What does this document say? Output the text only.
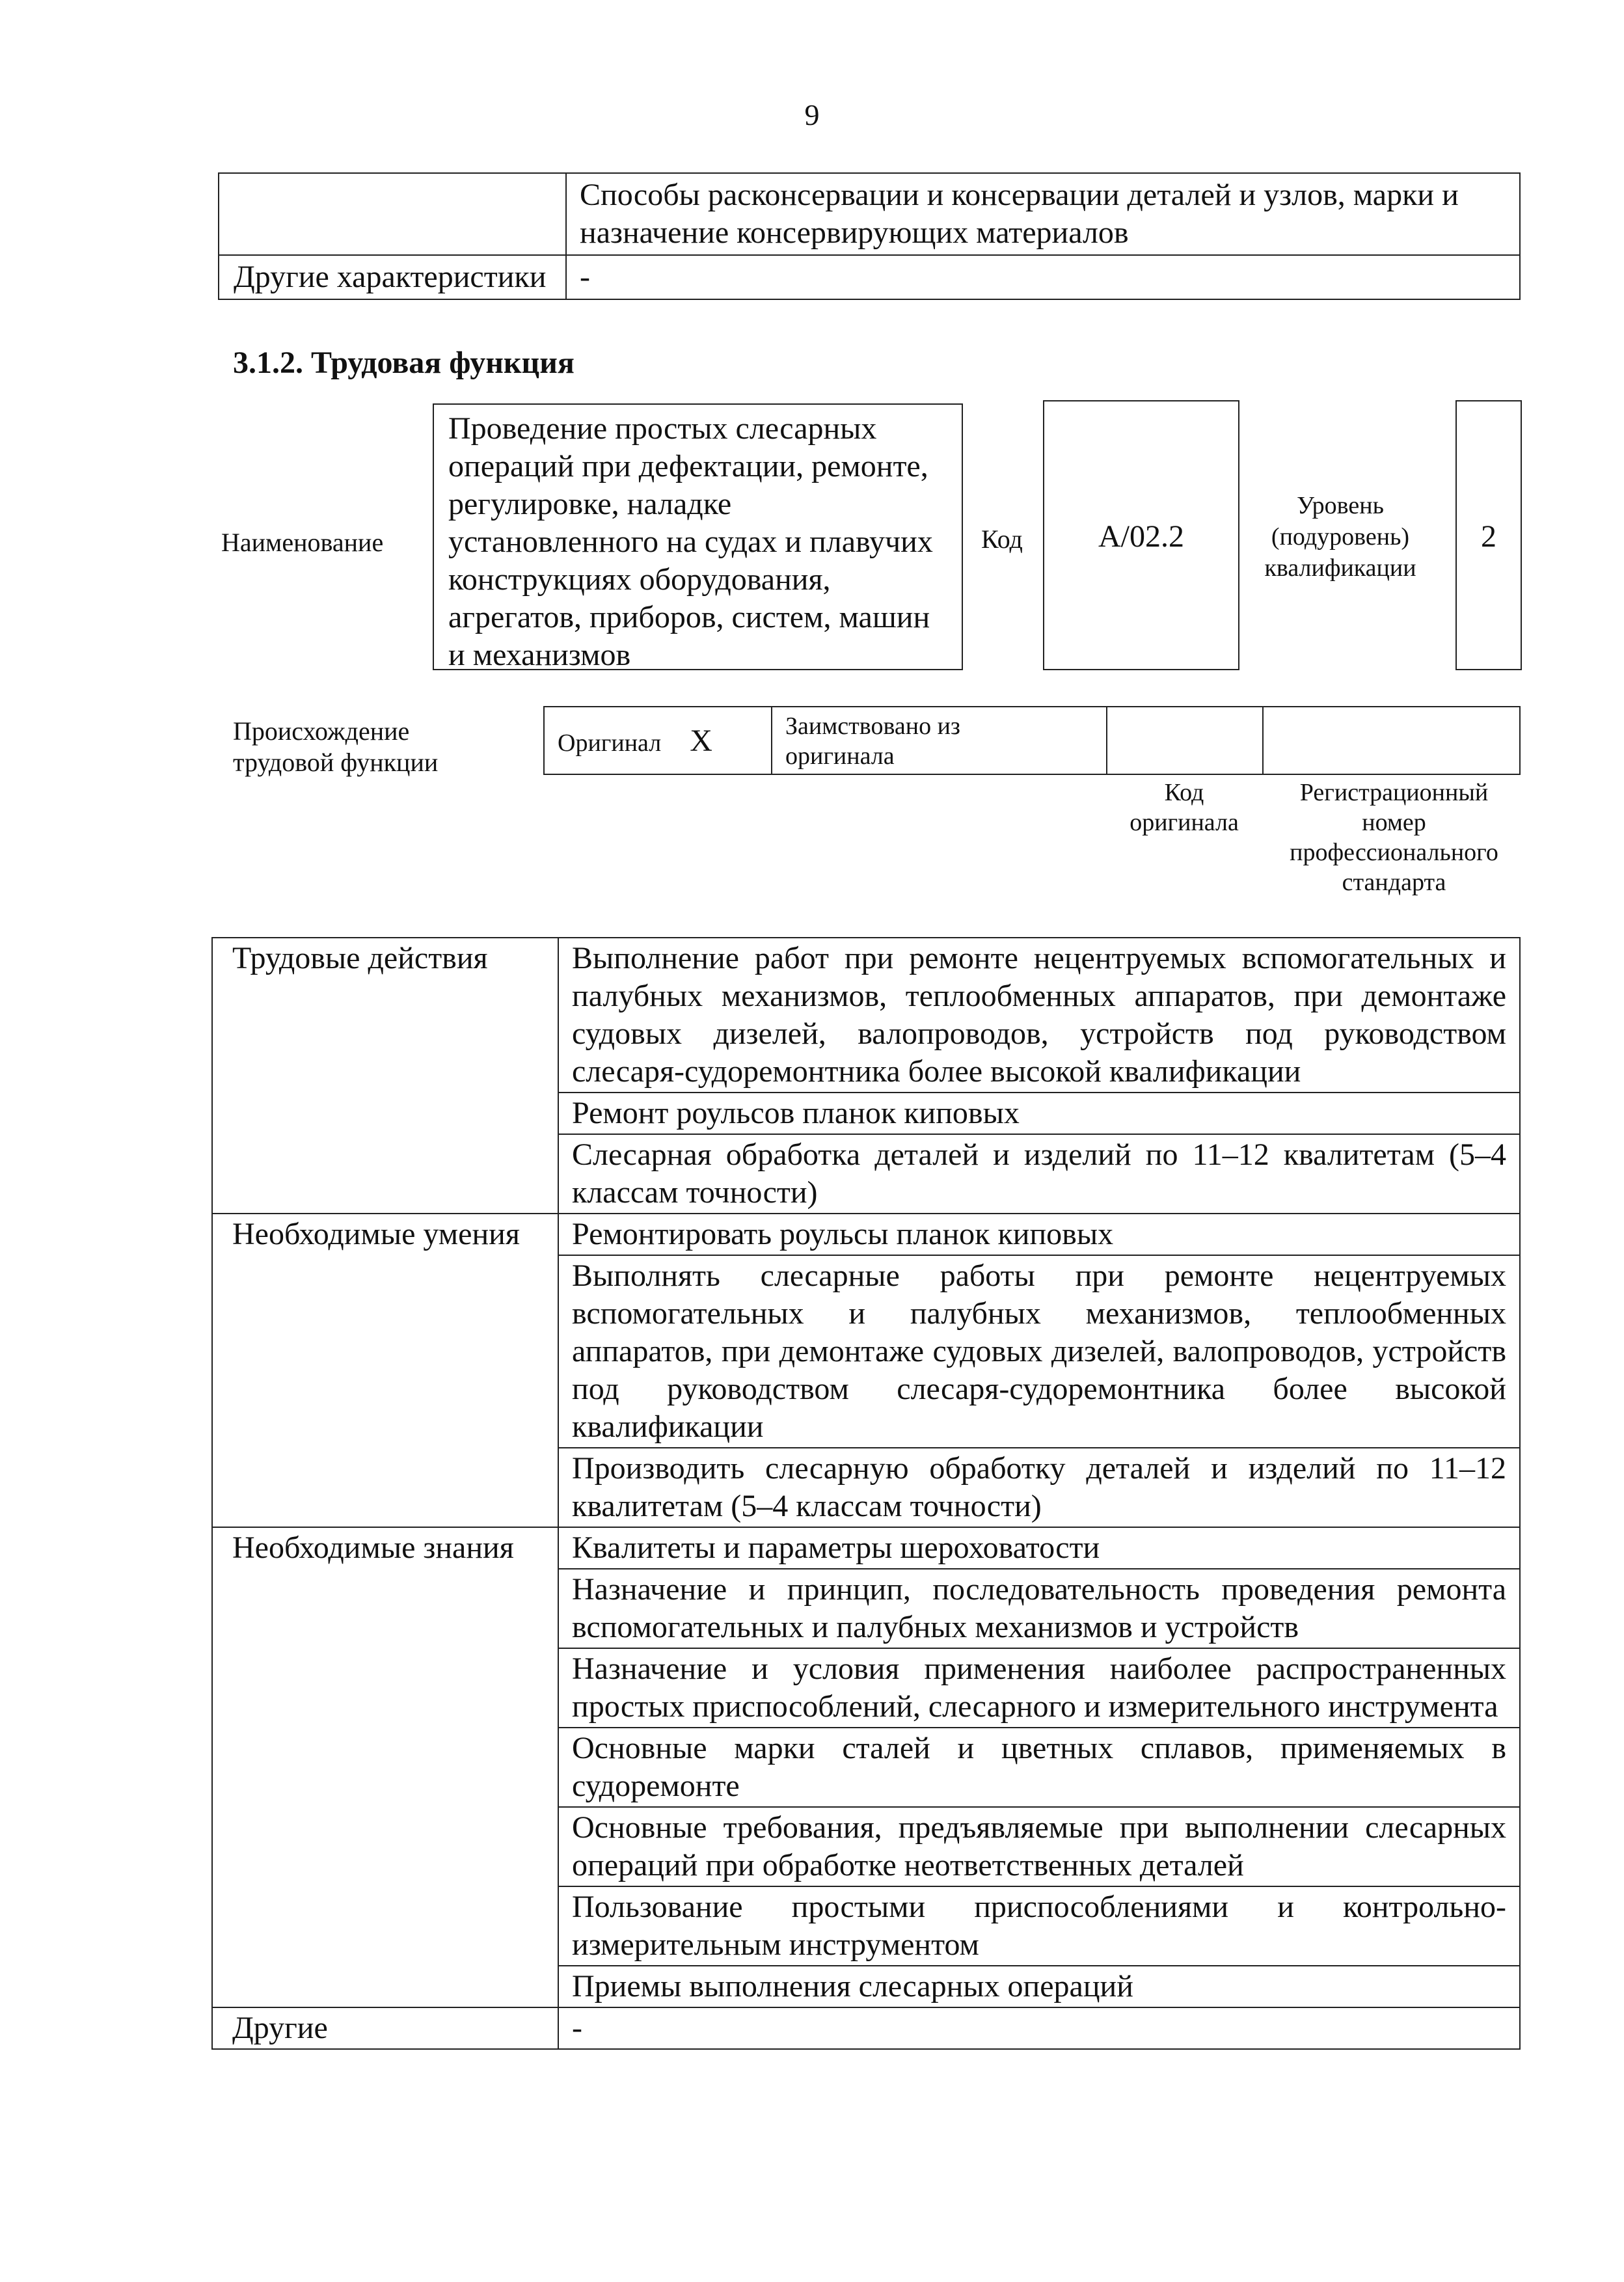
9
	Способы расконсервации и консервации деталей и узлов, марки и назначение консервирующих материалов
Другие характеристики	-
3.1.2. Трудовая функция
Наименование
Проведение простых слесарных операций при дефектации, ремонте, регулировке, наладке установленного на судах и плавучих конструкциях оборудования, агрегатов, приборов, систем, машин и механизмов
Код	A/02.2
Уровень (подуровень) квалификации
2
Происхождение трудовой функции
Оригинал X	Заимствовано из оригинала		
Код оригинала
Регистрационный номер профессионального стандарта
Трудовые действия	Выполнение работ при ремонте нецентруемых вспомогательных и палубных механизмов, теплообменных аппаратов, при демонтаже судовых дизелей, валопроводов, устройств под руководством слесаря-судоремонтника более высокой квалификации
	Ремонт роульсов планок киповых
	Слесарная обработка деталей и изделий по 11–12 квалитетам (5–4 классам точности)
Необходимые умения	Ремонтировать роульсы планок киповых
	Выполнять слесарные работы при ремонте нецентруемых вспомогательных и палубных механизмов, теплообменных аппаратов, при демонтаже судовых дизелей, валопроводов, устройств под руководством слесаря-судоремонтника более высокой квалификации
	Производить слесарную обработку деталей и изделий по 11–12 квалитетам (5–4 классам точности)
Необходимые знания	Квалитеты и параметры шероховатости
	Назначение и принцип, последовательность проведения ремонта вспомогательных и палубных механизмов и устройств
	Назначение и условия применения наиболее распространенных простых приспособлений, слесарного и измерительного инструмента
	Основные марки сталей и цветных сплавов, применяемых в судоремонте
	Основные требования, предъявляемые при выполнении слесарных операций при обработке неответственных деталей
	Пользование простыми приспособлениями и контрольно-измерительным инструментом
	Приемы выполнения слесарных операций
Другие	-
